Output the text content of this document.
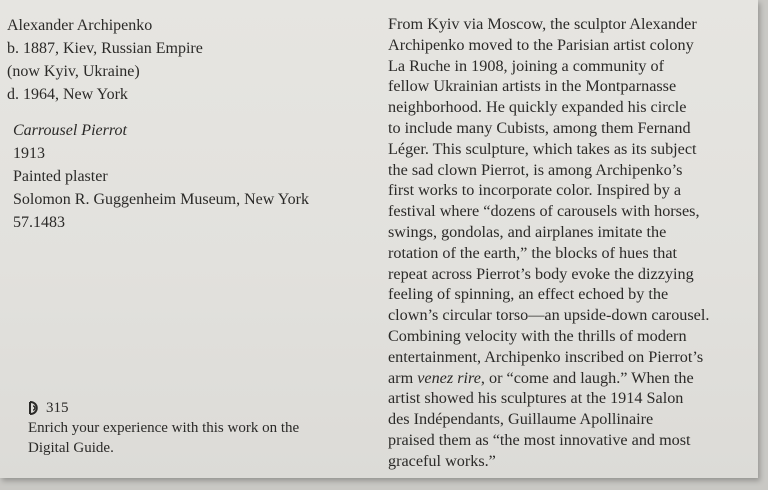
Alexander Archipenko
b. 1887, Kiev, Russian Empire
(now Kyiv, Ukraine)
d. 1964, New York
Carrousel Pierrot
1913
Painted plaster
Solomon R. Guggenheim Museum, New York
57.1483
315
Enrich your experience with this work on the
Digital Guide.
From Kyiv via Moscow, the sculptor Alexander
Archipenko moved to the Parisian artist colony
La Ruche in 1908, joining a community of
fellow Ukrainian artists in the Montparnasse
neighborhood. He quickly expanded his circle
to include many Cubists, among them Fernand
Léger. This sculpture, which takes as its subject
the sad clown Pierrot, is among Archipenko’s
first works to incorporate color. Inspired by a
festival where “dozens of carousels with horses,
swings, gondolas, and airplanes imitate the
rotation of the earth,” the blocks of hues that
repeat across Pierrot’s body evoke the dizzying
feeling of spinning, an effect echoed by the
clown’s circular torso—an upside-down carousel.
Combining velocity with the thrills of modern
entertainment, Archipenko inscribed on Pierrot’s
arm venez rire, or “come and laugh.” When the
artist showed his sculptures at the 1914 Salon
des Indépendants, Guillaume Apollinaire
praised them as “the most innovative and most
graceful works.”
